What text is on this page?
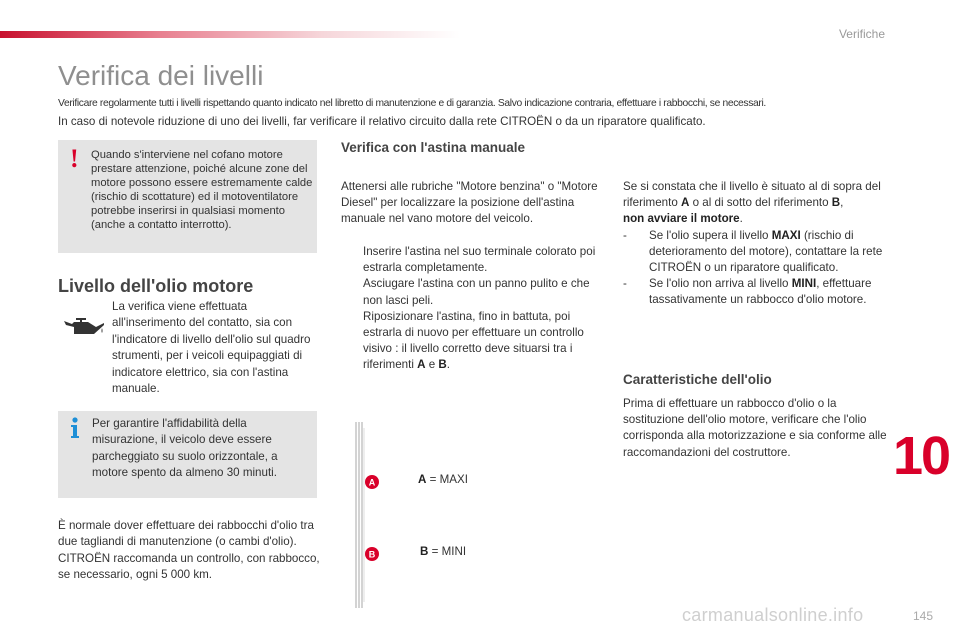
Verifiche
Verifica dei livelli

Verificare regolarmente tutti i livelli rispettando quanto indicato nel libretto di manutenzione e di garanzia. Salvo indicazione contraria, effettuare i rabbocchi, se necessari.

In caso di notevole riduzione di uno dei livelli, far verificare il relativo circuito dalla rete CITROËN o da un riparatore qualificato.

! Quando s'interviene nel cofano motore prestare attenzione, poiché alcune zone del motore possono essere estremamente calde (rischio di scottature) ed il motoventilatore potrebbe inserirsi in qualsiasi momento (anche a contatto interrotto).

Livello dell'olio motore

La verifica viene effettuata all'inserimento del contatto, sia con l'indicatore di livello dell'olio sul quadro strumenti, per i veicoli equipaggiati di indicatore elettrico, sia con l'astina manuale.

Per garantire l'affidabilità della misurazione, il veicolo deve essere parcheggiato su suolo orizzontale, a motore spento da almeno 30 minuti.

È normale dover effettuare dei rabbocchi d'olio tra due tagliandi di manutenzione (o cambi d'olio). CITROËN raccomanda un controllo, con rabbocco, se necessario, ogni 5 000 km.

Verifica con l'astina manuale

Attenersi alle rubriche "Motore benzina" o "Motore Diesel" per localizzare la posizione dell'astina manuale nel vano motore del veicolo.

Inserire l'astina nel suo terminale colorato poi estrarla completamente.
Asciugare l'astina con un panno pulito e che non lasci peli.
Riposizionare l'astina, fino in battuta, poi estrarla di nuovo per effettuare un controllo visivo : il livello corretto deve situarsi tra i riferimenti A e B.

Se si constata che il livello è situato al di sopra del riferimento A o al di sotto del riferimento B,
non avviare il motore.

- Se l'olio supera il livello MAXI (rischio di deterioramento del motore), contattare la rete CITROËN o un riparatore qualificato.
- Se l'olio non arriva al livello MINI, effettuare tassativamente un rabbocco d'olio motore.
Caratteristiche dell'olio

Prima di effettuare un rabbocco d'olio o la sostituzione dell'olio motore, verificare che l'olio corrisponda alla motorizzazione e sia conforme alle raccomandazioni del costruttore.

A
B
A = MAXI
B = MINI
10
carmanualsonline.info	145
